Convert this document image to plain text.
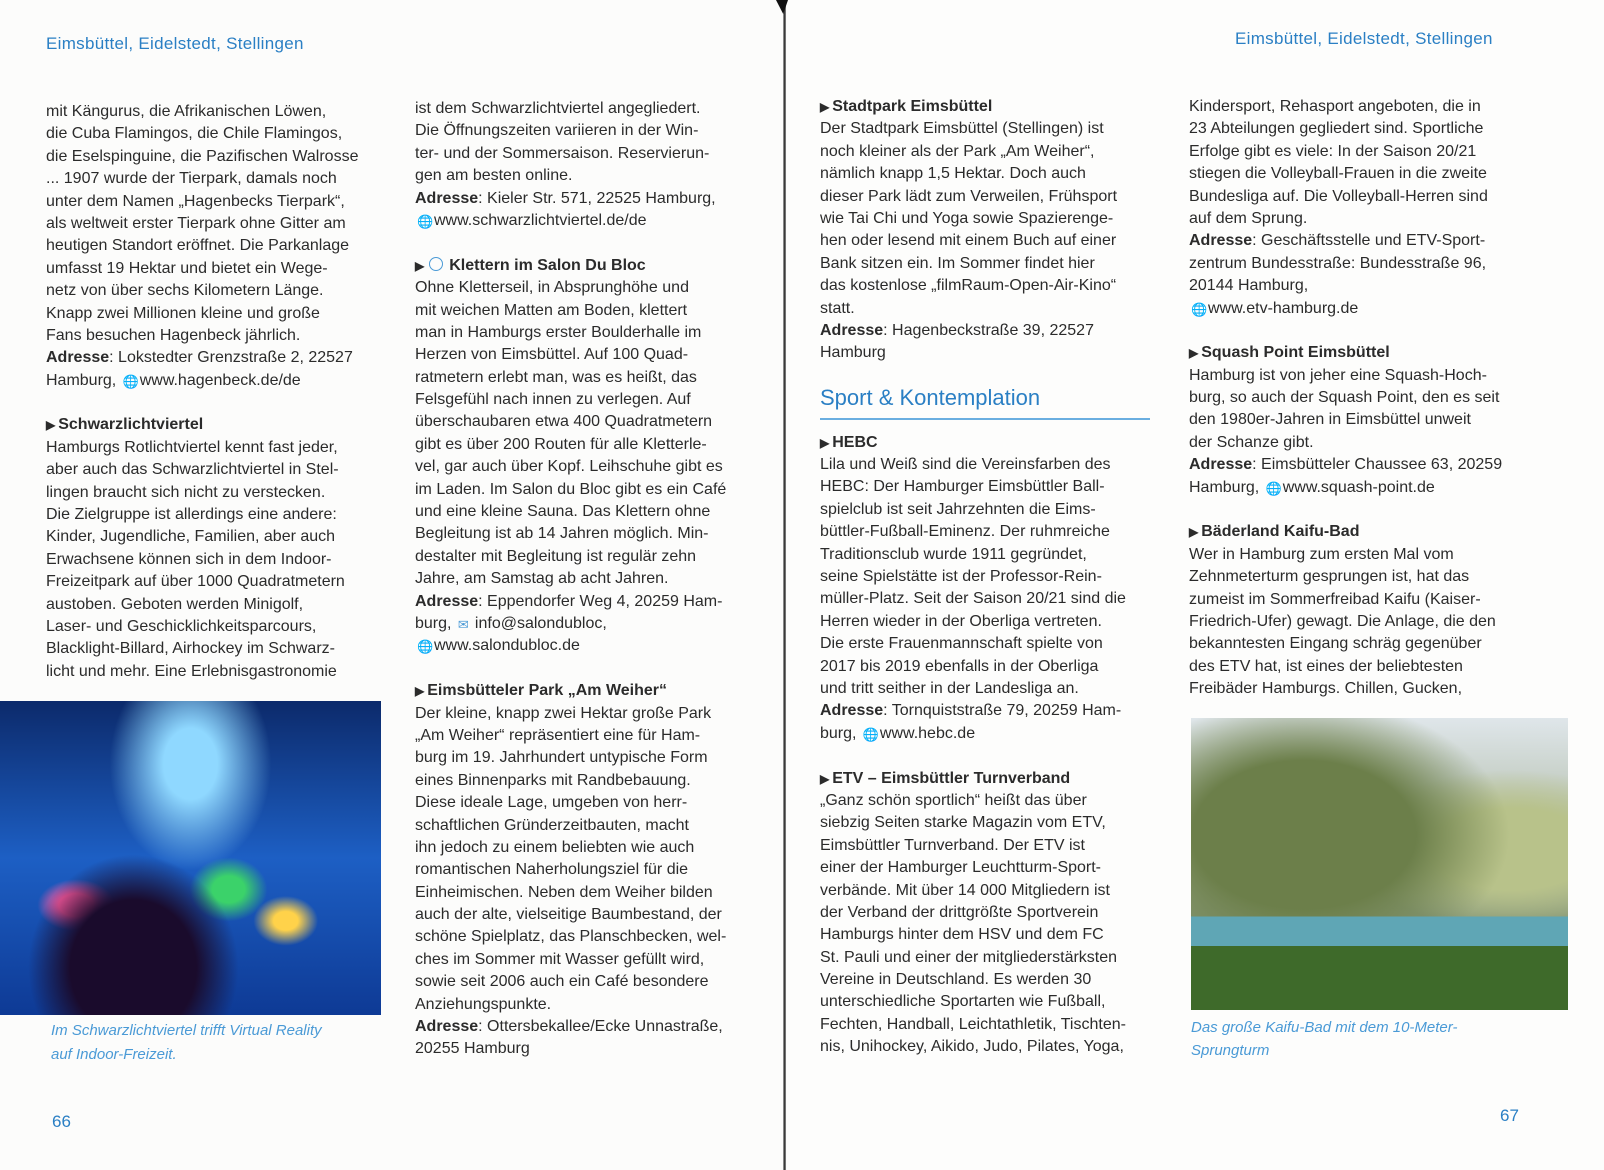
Eimsbüttel, Eidelstedt, Stellingen	Eimsbüttel, Eidelstedt, Stellingen
mit Kängurus, die Afrikanischen Löwen,
die Cuba Flamingos, die Chile Flamingos,
die Eselspinguine, die Pazifischen Walrosse
... 1907 wurde der Tierpark, damals noch
unter dem Namen „Hagenbecks Tierpark“,
als weltweit erster Tierpark ohne Gitter am
heutigen Standort eröffnet. Die Parkanlage
umfasst 19 Hektar und bietet ein Wege-
netz von über sechs Kilometern Länge.
Knapp zwei Millionen kleine und große
Fans besuchen Hagenbeck jährlich.
Adresse: Lokstedter Grenzstraße 2, 22527
Hamburg, 🌐www.hagenbeck.de/de
▶ Schwarzlichtviertel
Hamburgs Rotlichtviertel kennt fast jeder,
aber auch das Schwarzlichtviertel in Stel-
lingen braucht sich nicht zu verstecken.
Die Zielgruppe ist allerdings eine andere:
Kinder, Jugendliche, Familien, aber auch
Erwachsene können sich in dem Indoor-
Freizeitpark auf über 1000 Quadratmetern
austoben. Geboten werden Minigolf,
Laser- und Geschicklichkeitsparcours,
Blacklight-Billard, Airhockey im Schwarz-
licht und mehr. Eine Erlebnisgastronomie
ist dem Schwarzlichtviertel angegliedert.
Die Öffnungszeiten variieren in der Win-
ter- und der Sommersaison. Reservierun-
gen am besten online.
Adresse: Kieler Str. 571, 22525 Hamburg,
🌐www.schwarzlichtviertel.de/de
▶ Klettern im Salon Du Bloc
Ohne Kletterseil, in Absprunghöhe und
mit weichen Matten am Boden, klettert
man in Hamburgs erster Boulderhalle im
Herzen von Eimsbüttel. Auf 100 Quad-
ratmetern erlebt man, was es heißt, das
Felsgefühl nach innen zu verlegen. Auf
überschaubaren etwa 400 Quadratmetern
gibt es über 200 Routen für alle Kletterle-
vel, gar auch über Kopf. Leihschuhe gibt es
im Laden. Im Salon du Bloc gibt es ein Café
und eine kleine Sauna. Das Klettern ohne
Begleitung ist ab 14 Jahren möglich. Min-
destalter mit Begleitung ist regulär zehn
Jahre, am Samstag ab acht Jahren.
Adresse: Eppendorfer Weg 4, 20259 Ham-
burg, ✉ info@salondubloc,
🌐www.salondubloc.de
▶ Eimsbütteler Park „Am Weiher“
Der kleine, knapp zwei Hektar große Park
„Am Weiher“ repräsentiert eine für Ham-
burg im 19. Jahrhundert untypische Form
eines Binnenparks mit Randbebauung.
Diese ideale Lage, umgeben von herr-
schaftlichen Gründerzeitbauten, macht
ihn jedoch zu einem beliebten wie auch
romantischen Naherholungsziel für die
Einheimischen. Neben dem Weiher bilden
auch der alte, vielseitige Baumbestand, der
schöne Spielplatz, das Planschbecken, wel-
ches im Sommer mit Wasser gefüllt wird,
sowie seit 2006 auch ein Café besondere
Anziehungspunkte.
Adresse: Ottersbekallee/Ecke Unnastraße,
20255 Hamburg
▶ Stadtpark Eimsbüttel
Der Stadtpark Eimsbüttel (Stellingen) ist
noch kleiner als der Park „Am Weiher“,
nämlich knapp 1,5 Hektar. Doch auch
dieser Park lädt zum Verweilen, Frühsport
wie Tai Chi und Yoga sowie Spazierenge-
hen oder lesend mit einem Buch auf einer
Bank sitzen ein. Im Sommer findet hier
das kostenlose „filmRaum-Open-Air-Kino“
statt.
Adresse: Hagenbeckstraße 39, 22527
Hamburg
Sport & Kontemplation
▶ HEBC
Lila und Weiß sind die Vereinsfarben des
HEBC: Der Hamburger Eimsbüttler Ball-
spielclub ist seit Jahrzehnten die Eims-
büttler-Fußball-Eminenz. Der ruhmreiche
Traditionsclub wurde 1911 gegründet,
seine Spielstätte ist der Professor-Rein-
müller-Platz. Seit der Saison 20/21 sind die
Herren wieder in der Oberliga vertreten.
Die erste Frauenmannschaft spielte von
2017 bis 2019 ebenfalls in der Oberliga
und tritt seither in der Landesliga an.
Adresse: Tornquiststraße 79, 20259 Ham-
burg, 🌐www.hebc.de
▶ ETV – Eimsbüttler Turnverband
„Ganz schön sportlich“ heißt das über
siebzig Seiten starke Magazin vom ETV,
Eimsbüttler Turnverband. Der ETV ist
einer der Hamburger Leuchtturm-Sport-
verbände. Mit über 14 000 Mitgliedern ist
der Verband der drittgrößte Sportverein
Hamburgs hinter dem HSV und dem FC
St. Pauli und einer der mitgliederstärksten
Vereine in Deutschland. Es werden 30
unterschiedliche Sportarten wie Fußball,
Fechten, Handball, Leichtathletik, Tischten-
nis, Unihockey, Aikido, Judo, Pilates, Yoga,
Kindersport, Rehasport angeboten, die in
23 Abteilungen gegliedert sind. Sportliche
Erfolge gibt es viele: In der Saison 20/21
stiegen die Volleyball-Frauen in die zweite
Bundesliga auf. Die Volleyball-Herren sind
auf dem Sprung.
Adresse: Geschäftsstelle und ETV-Sport-
zentrum Bundesstraße: Bundesstraße 96,
20144 Hamburg,
🌐www.etv-hamburg.de
▶ Squash Point Eimsbüttel
Hamburg ist von jeher eine Squash-Hoch-
burg, so auch der Squash Point, den es seit
den 1980er-Jahren in Eimsbüttel unweit
der Schanze gibt.
Adresse: Eimsbütteler Chaussee 63, 20259
Hamburg, 🌐www.squash-point.de
▶ Bäderland Kaifu-Bad
Wer in Hamburg zum ersten Mal vom
Zehnmeterturm gesprungen ist, hat das
zumeist im Sommerfreibad Kaifu (Kaiser-
Friedrich-Ufer) gewagt. Die Anlage, die den
bekanntesten Eingang schräg gegenüber
des ETV hat, ist eines der beliebtesten
Freibäder Hamburgs. Chillen, Gucken,
Im Schwarzlichtviertel trifft Virtual Reality
auf Indoor-Freizeit.
Das große Kaifu-Bad mit dem 10-Meter-
Sprungturm
66	67
